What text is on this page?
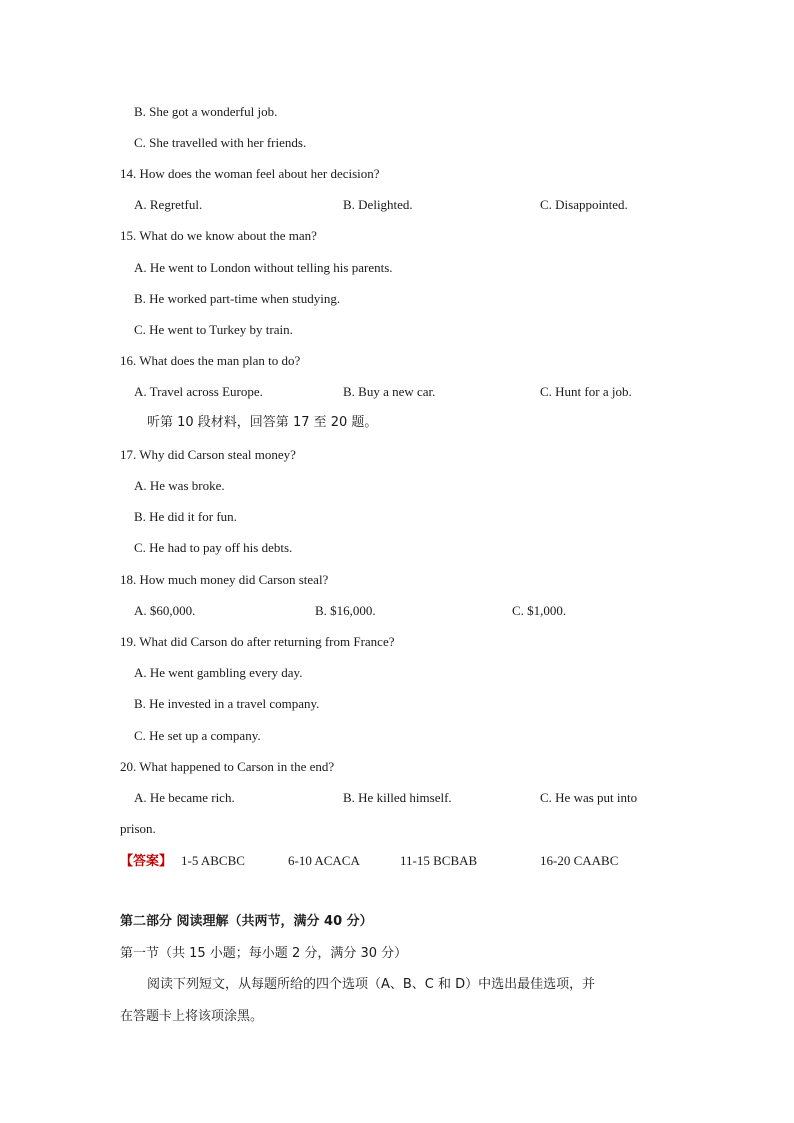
B. She got a wonderful job.
C. She travelled with her friends.
14. How does the woman feel about her decision?
A. Regretful.	B. Delighted.	C. Disappointed.
15. What do we know about the man?
A. He went to London without telling his parents.
B. He worked part-time when studying.
C. He went to Turkey by train.
16. What does the man plan to do?
A. Travel across Europe.	B. Buy a new car.	C. Hunt for a job.
听第 10 段材料，回答第 17 至 20 题。
17. Why did Carson steal money?
A. He was broke.
B. He did it for fun.
C. He had to pay off his debts.
18. How much money did Carson steal?
A. $60,000.	B. $16,000.	C. $1,000.
19. What did Carson do after returning from France?
A. He went gambling every day.
B. He invested in a travel company.
C. He set up a company.
20. What happened to Carson in the end?
A. He became rich.	B. He killed himself.	C. He was put into
prison.
【答案】 1-5 ABCBC	6-10 ACACA	11-15 BCBAB	16-20 CAABC
第二部分 阅读理解（共两节，满分 40 分）
第一节（共 15 小题；每小题 2 分，满分 30 分）
阅读下列短文，从每题所给的四个选项（A、B、C 和 D）中选出最佳选项，并
在答题卡上将该项涂黑。
